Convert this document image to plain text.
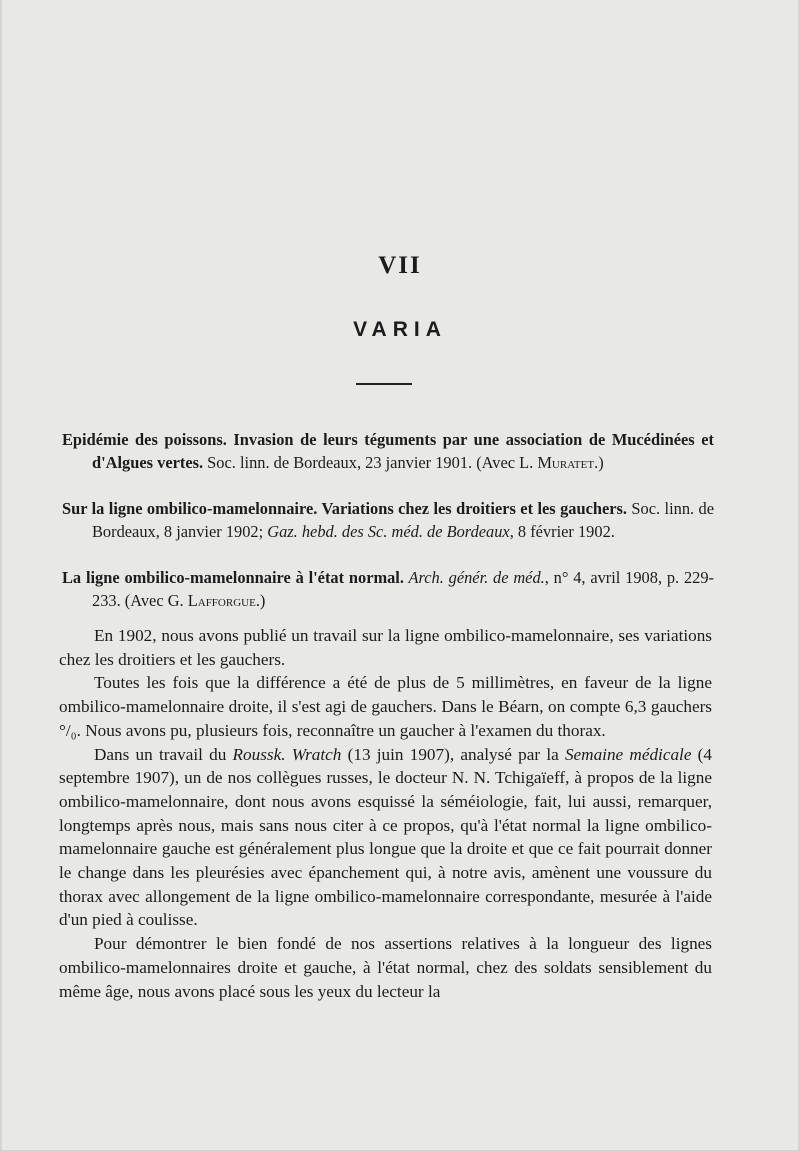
VII
VARIA
Epidémie des poissons. Invasion de leurs téguments par une association de Mucédinées et d'Algues vertes. Soc. linn. de Bordeaux, 23 janvier 1901. (Avec L. Muratet.)
Sur la ligne ombilico-mamelonnaire. Variations chez les droitiers et les gauchers. Soc. linn. de Bordeaux, 8 janvier 1902; Gaz. hebd. des Sc. méd. de Bordeaux, 8 février 1902.
La ligne ombilico-mamelonnaire à l'état normal. Arch. génér. de méd., n° 4, avril 1908, p. 229-233. (Avec G. Lafforgue.)

En 1902, nous avons publié un travail sur la ligne ombilico-mamelonnaire, ses variations chez les droitiers et les gauchers.

Toutes les fois que la différence a été de plus de 5 millimètres, en faveur de la ligne ombilico-mamelonnaire droite, il s'est agi de gauchers. Dans le Béarn, on compte 6,3 gauchers °/₀. Nous avons pu, plusieurs fois, reconnaître un gaucher à l'examen du thorax.

Dans un travail du Roussk. Wratch (13 juin 1907), analysé par la Semaine médicale (4 septembre 1907), un de nos collègues russes, le docteur N. N. Tchigaïeff, à propos de la ligne ombilico-mamelonnaire, dont nous avons esquissé la séméiologie, fait, lui aussi, remarquer, longtemps après nous, mais sans nous citer à ce propos, qu'à l'état normal la ligne ombilico-mamelonnaire gauche est généralement plus longue que la droite et que ce fait pourrait donner le change dans les pleurésies avec épanchement qui, à notre avis, amènent une voussure du thorax avec allongement de la ligne ombilico-mamelonnaire correspondante, mesurée à l'aide d'un pied à coulisse.

Pour démontrer le bien fondé de nos assertions relatives à la longueur des lignes ombilico-mamelonnaires droite et gauche, à l'état normal, chez des soldats sensiblement du même âge, nous avons placé sous les yeux du lecteur la
